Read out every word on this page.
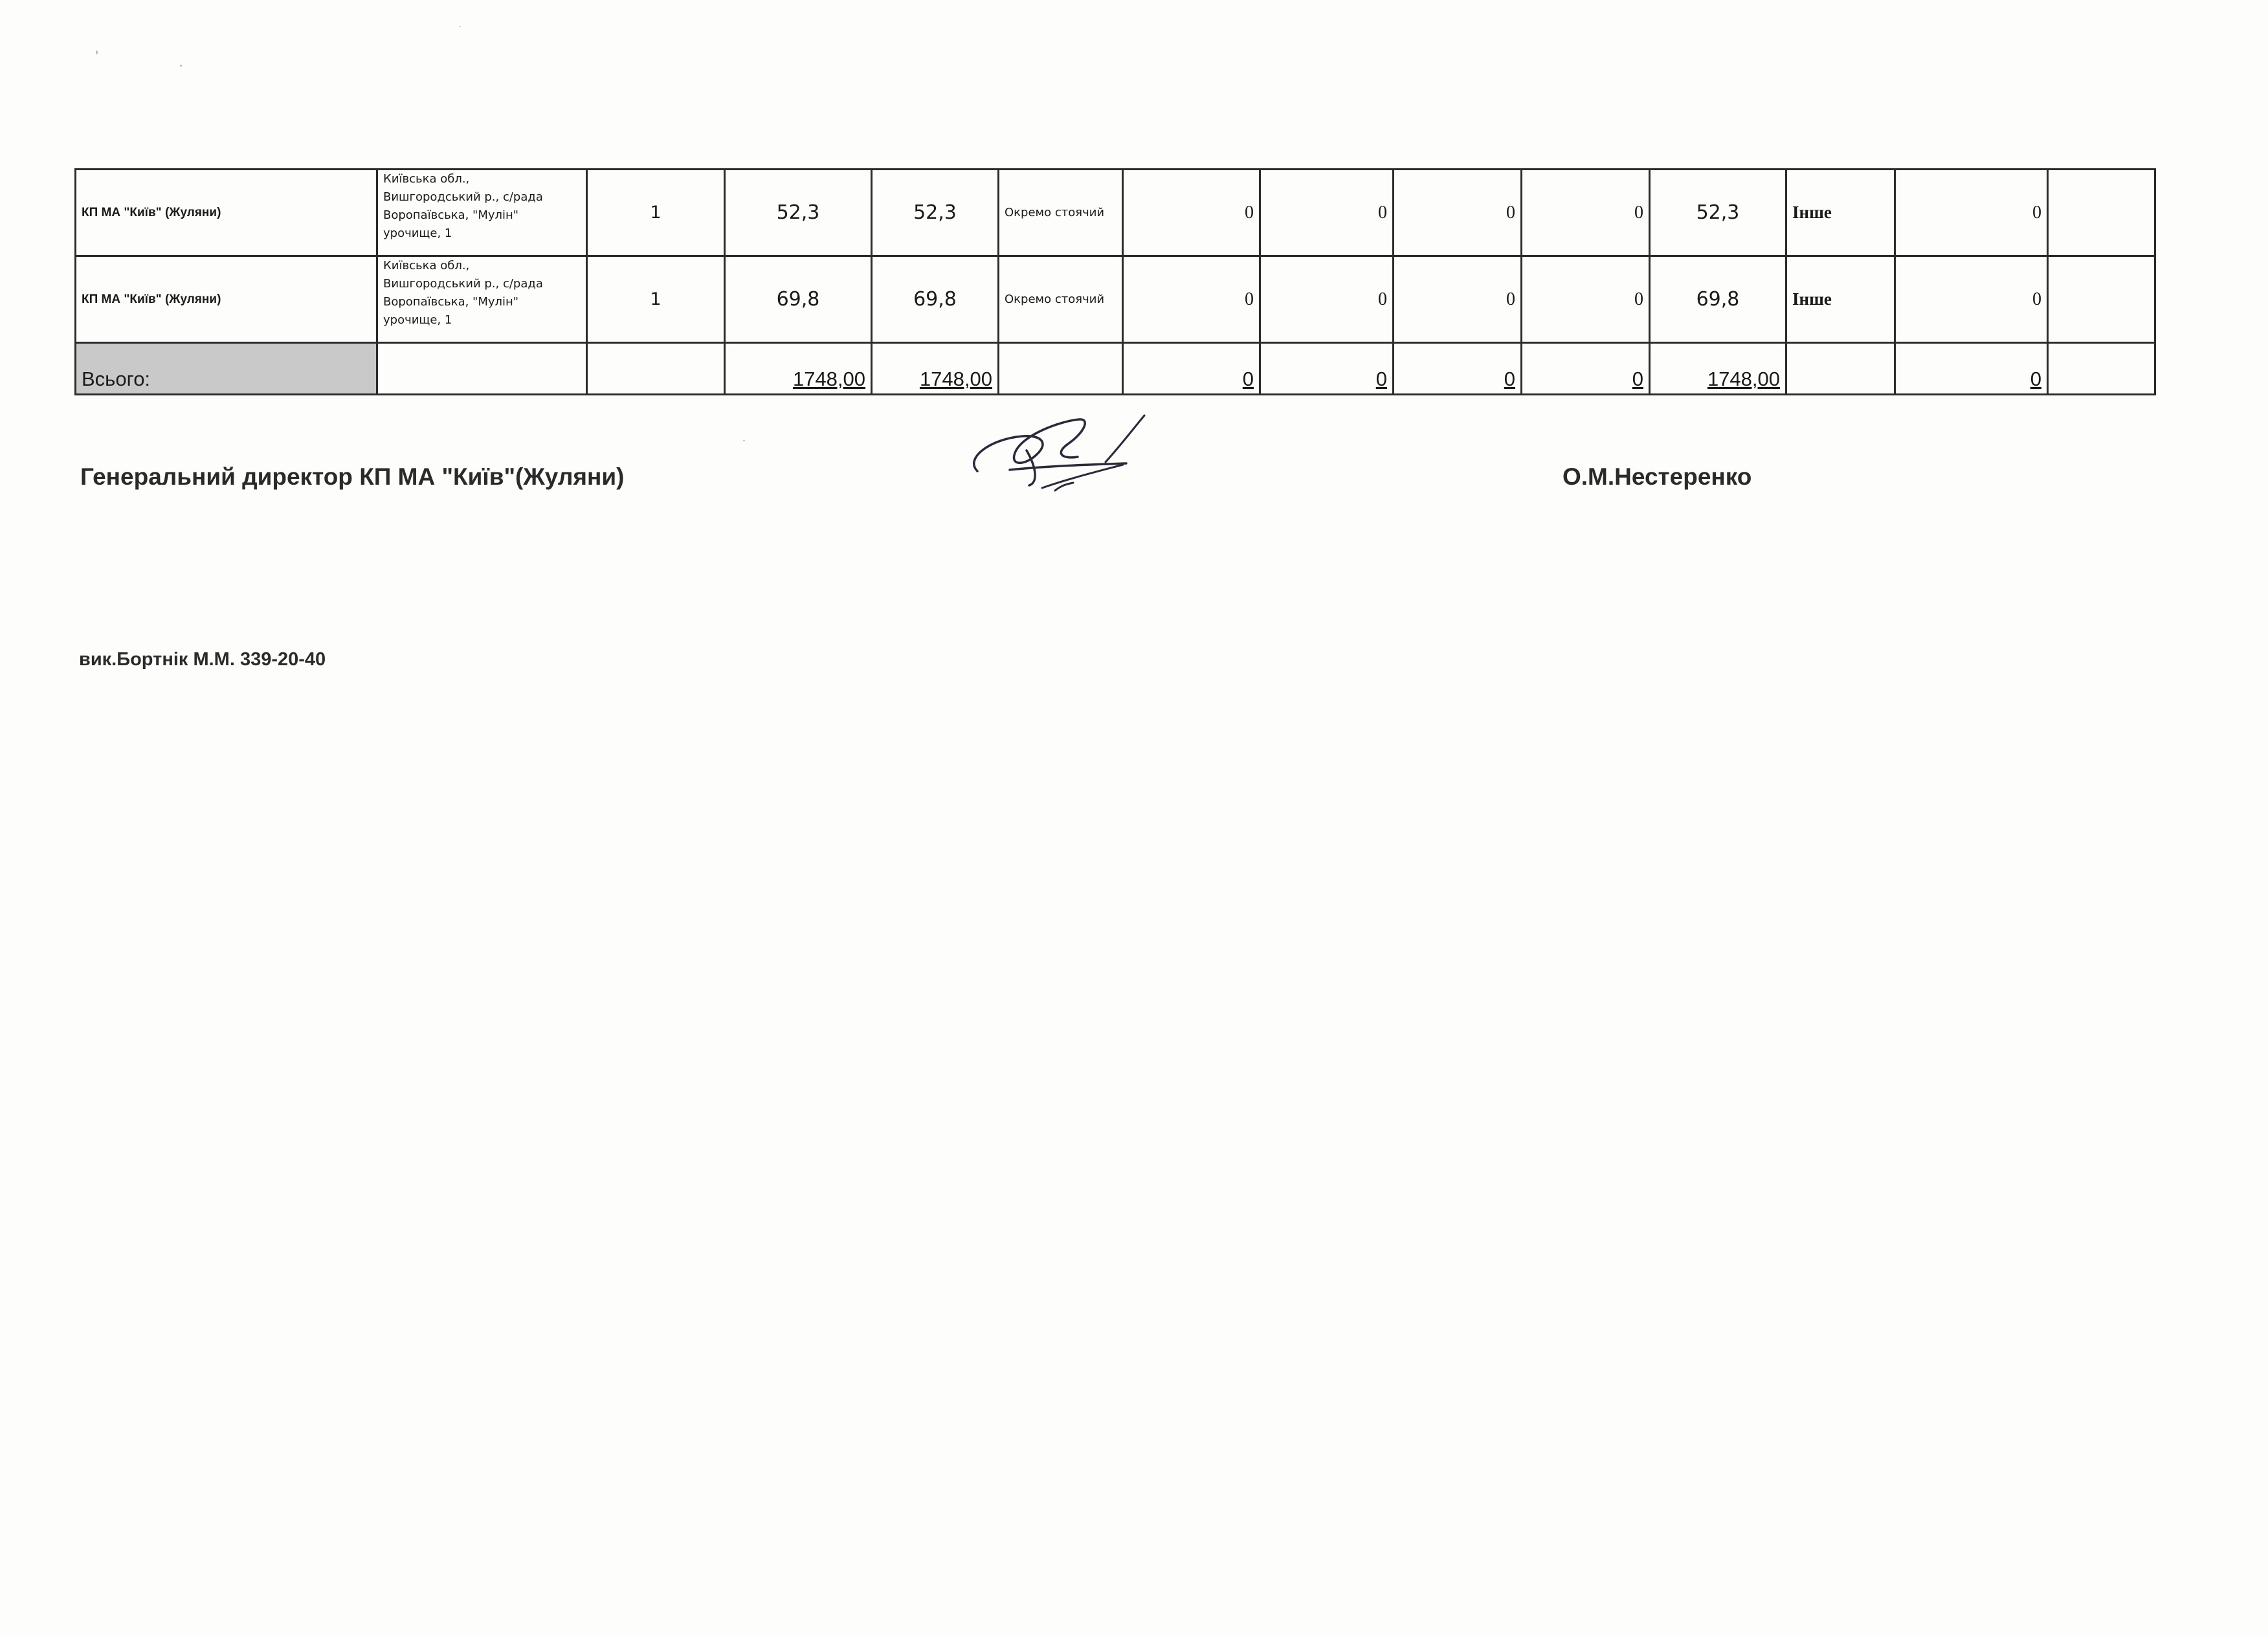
КП МА "Київ" (Жуляни)	Київська обл.,
Вишгородський р., с/рада
Воропаївська, "Мулін"
урочище, 1	1	52,3	52,3	Окремо стоячий	0	0	0	0	52,3	Інше	0	
КП МА "Київ" (Жуляни)	Київська обл.,
Вишгородський р., с/рада
Воропаївська, "Мулін"
урочище, 1	1	69,8	69,8	Окремо стоячий	0	0	0	0	69,8	Інше	0	
Всього:			1748,00	1748,00		0	0	0	0	1748,00		0	
Генеральний директор КП МА "Київ"(Жуляни)	О.М.Нестеренко
вик.Бортнік М.М. 339-20-40
